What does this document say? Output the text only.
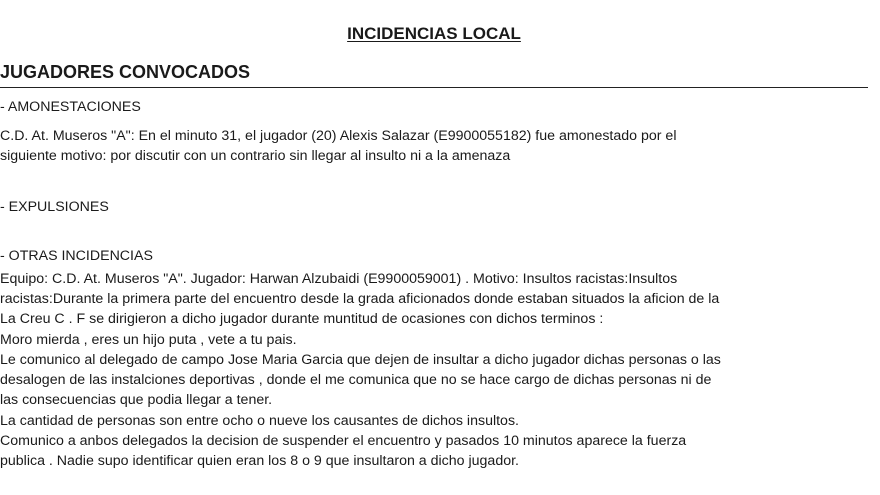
INCIDENCIAS LOCAL
JUGADORES CONVOCADOS
- AMONESTACIONES
C.D. At. Museros "A": En el minuto 31, el jugador (20) Alexis Salazar (E9900055182) fue amonestado por el
siguiente motivo: por discutir con un contrario sin llegar al insulto ni a la amenaza
- EXPULSIONES
- OTRAS INCIDENCIAS
Equipo: C.D. At. Museros "A". Jugador: Harwan Alzubaidi (E9900059001) . Motivo: Insultos racistas:Insultos
racistas:Durante la primera parte del encuentro desde la grada aficionados donde estaban situados la aficion de la
La Creu C . F se dirigieron a dicho jugador durante muntitud de ocasiones con dichos terminos :
Moro mierda , eres un hijo puta , vete a tu pais.
Le comunico al delegado de campo Jose Maria Garcia que dejen de insultar a dicho jugador dichas personas o las
desalogen de las instalciones deportivas , donde el me comunica que no se hace cargo de dichas personas ni de
las consecuencias que podia llegar a tener.
La cantidad de personas son entre ocho o nueve los causantes de dichos insultos.
Comunico a anbos delegados la decision de suspender el encuentro y pasados 10 minutos aparece la fuerza
publica . Nadie supo identificar quien eran los 8 o 9 que insultaron a dicho jugador.
